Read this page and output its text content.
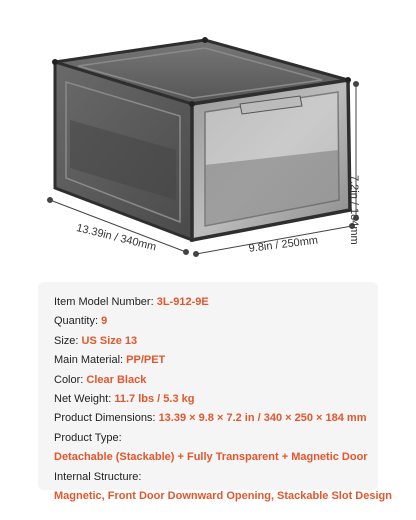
13.39in / 340mm	9.8in / 250mm
7.2in / 184mm
Item Model Number: 3L-912-9E
Quantity: 9
Size: US Size 13
Main Material: PP/PET
Color: Clear Black
Net Weight: 11.7 lbs / 5.3 kg
Product Dimensions: 13.39 × 9.8 × 7.2 in / 340 × 250 × 184 mm
Product Type:
Detachable (Stackable) + Fully Transparent + Magnetic Door
Internal Structure:
Magnetic, Front Door Downward Opening, Stackable Slot Design
